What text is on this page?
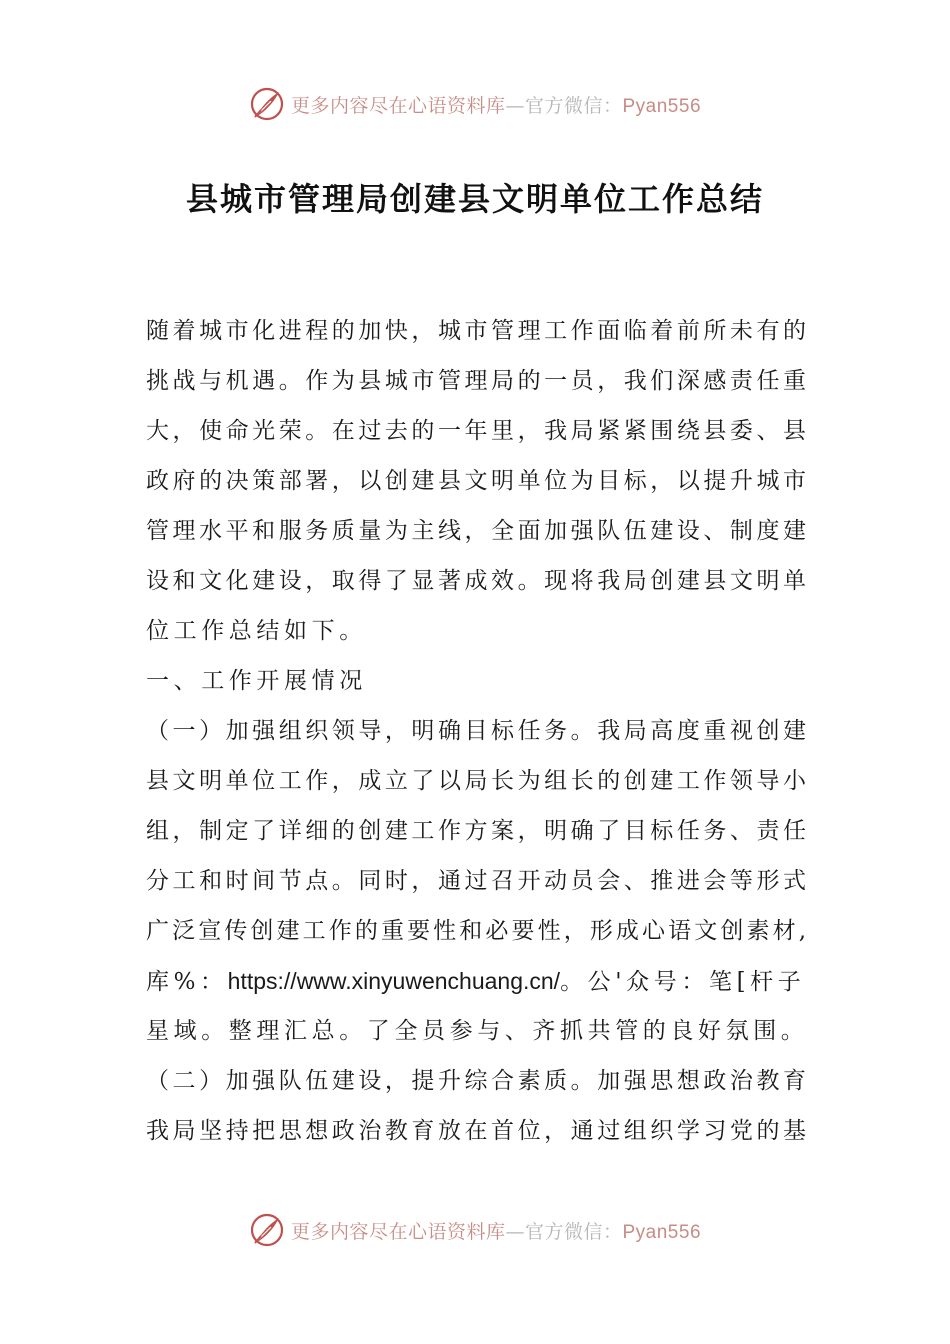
更多内容尽在心语资料库—官方微信：Pyan556
县城市管理局创建县文明单位工作总结
随着城市化进程的加快，城市管理工作面临着前所未有的
挑战与机遇。作为县城市管理局的一员，我们深感责任重
大，使命光荣。在过去的一年里，我局紧紧围绕县委、县
政府的决策部署，以创建县文明单位为目标，以提升城市
管理水平和服务质量为主线，全面加强队伍建设、制度建
设和文化建设，取得了显著成效。现将我局创建县文明单
位工作总结如下。
一、工作开展情况
（一）加强组织领导，明确目标任务。我局高度重视创建
县文明单位工作，成立了以局长为组长的创建工作领导小
组，制定了详细的创建工作方案，明确了目标任务、责任
分工和时间节点。同时，通过召开动员会、推进会等形式
广泛宣传创建工作的重要性和必要性，形成心语文创素材,
库%：https://www.xinyuwenchuang.cn/。公'众号：笔[杆子
星域。整理汇总。了全员参与、齐抓共管的良好氛围。
（二）加强队伍建设，提升综合素质。加强思想政治教育
我局坚持把思想政治教育放在首位，通过组织学习党的基
更多内容尽在心语资料库—官方微信：Pyan556
